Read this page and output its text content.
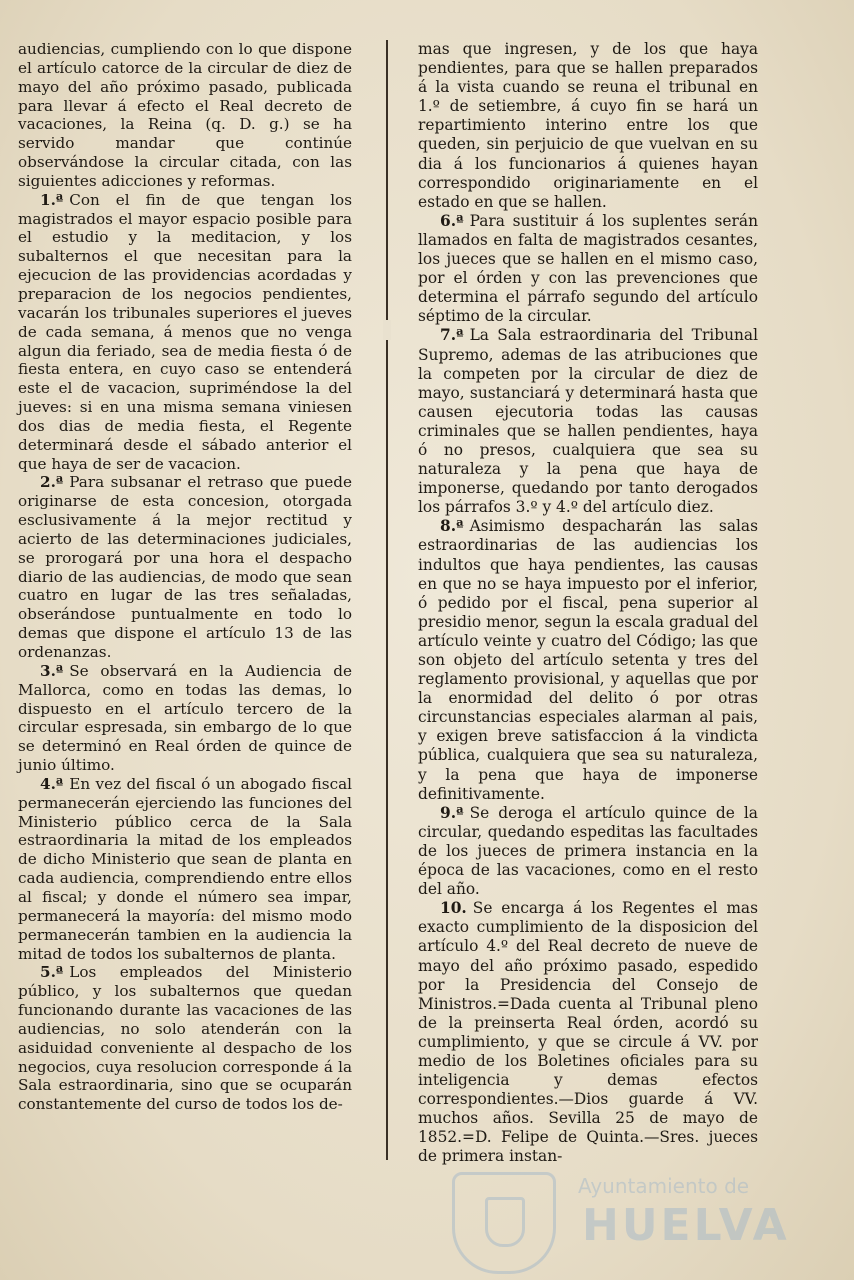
audiencias, cumpliendo con lo que dispone el artículo catorce de la circular de diez de mayo del año próximo pasado, publicada para llevar á efecto el Real decreto de vacaciones, la Reina (q. D. g.) se ha servido mandar que continúe observándose la circular citada, con las siguientes adicciones y reformas.

1.ª Con el fin de que tengan los magistrados el mayor espacio posible para el estudio y la meditacion, y los subalternos el que necesitan para la ejecucion de las providencias acordadas y preparacion de los negocios pendientes, vacarán los tribunales superiores el jueves de cada semana, á menos que no venga algun dia feriado, sea de media fiesta ó de fiesta entera, en cuyo caso se entenderá este el de vacacion, supriméndose la del jueves: si en una misma semana viniesen dos dias de media fiesta, el Regente determinará desde el sábado anterior el que haya de ser de vacacion.

2.ª Para subsanar el retraso que puede originarse de esta concesion, otorgada esclusivamente á la mejor rectitud y acierto de las determinaciones judiciales, se prorogará por una hora el despacho diario de las audiencias, de modo que sean cuatro en lugar de las tres señaladas, obserándose puntualmente en todo lo demas que dispone el artículo 13 de las ordenanzas.

3.ª Se observará en la Audiencia de Mallorca, como en todas las demas, lo dispuesto en el artículo tercero de la circular espresada, sin embargo de lo que se determinó en Real órden de quince de junio último.

4.ª En vez del fiscal ó un abogado fiscal permanecerán ejerciendo las funciones del Ministerio público cerca de la Sala estraordinaria la mitad de los empleados de dicho Ministerio que sean de planta en cada audiencia, comprendiendo entre ellos al fiscal; y donde el número sea impar, permanecerá la mayoría: del mismo modo permanecerán tambien en la audiencia la mitad de todos los subalternos de planta.

5.ª Los empleados del Ministerio público, y los subalternos que quedan funcionando durante las vacaciones de las audiencias, no solo atenderán con la asiduidad conveniente al despacho de los negocios, cuya resolucion corresponde á la Sala estraordinaria, sino que se ocuparán constantemente del curso de todos los de-

mas que ingresen, y de los que haya pendientes, para que se hallen preparados á la vista cuando se reuna el tribunal en 1.º de setiembre, á cuyo fin se hará un repartimiento interino entre los que queden, sin perjuicio de que vuelvan en su dia á los funcionarios á quienes hayan correspondido originariamente en el estado en que se hallen.

6.ª Para sustituir á los suplentes serán llamados en falta de magistrados cesantes, los jueces que se hallen en el mismo caso, por el órden y con las prevenciones que determina el párrafo segundo del artículo séptimo de la circular.

7.ª La Sala estraordinaria del Tribunal Supremo, ademas de las atribuciones que la competen por la circular de diez de mayo, sustanciará y determinará hasta que causen ejecutoria todas las causas criminales que se hallen pendientes, haya ó no presos, cualquiera que sea su naturaleza y la pena que haya de imponerse, quedando por tanto derogados los párrafos 3.º y 4.º del artículo diez.

8.ª Asimismo despacharán las salas estraordinarias de las audiencias los indultos que haya pendientes, las causas en que no se haya impuesto por el inferior, ó pedido por el fiscal, pena superior al presidio menor, segun la escala gradual del artículo veinte y cuatro del Código; las que son objeto del artículo setenta y tres del reglamento provisional, y aquellas que por la enormidad del delito ó por otras circunstancias especiales alarman al pais, y exigen breve satisfaccion á la vindicta pública, cualquiera que sea su naturaleza, y la pena que haya de imponerse definitivamente.

9.ª Se deroga el artículo quince de la circular, quedando espeditas las facultades de los jueces de primera instancia en la época de las vacaciones, como en el resto del año.

10. Se encarga á los Regentes el mas exacto cumplimiento de la disposicion del artículo 4.º del Real decreto de nueve de mayo del año próximo pasado, espedido por la Presidencia del Consejo de Ministros.=Dada cuenta al Tribunal pleno de la preinserta Real órden, acordó su cumplimiento, y que se circule á VV. por medio de los Boletines oficiales para su inteligencia y demas efectos correspondientes.—Dios guarde á VV. muchos años. Sevilla 25 de mayo de 1852.=D. Felipe de Quinta.—Sres. jueces de primera instan-

Ayuntamiento de
HUELVA
